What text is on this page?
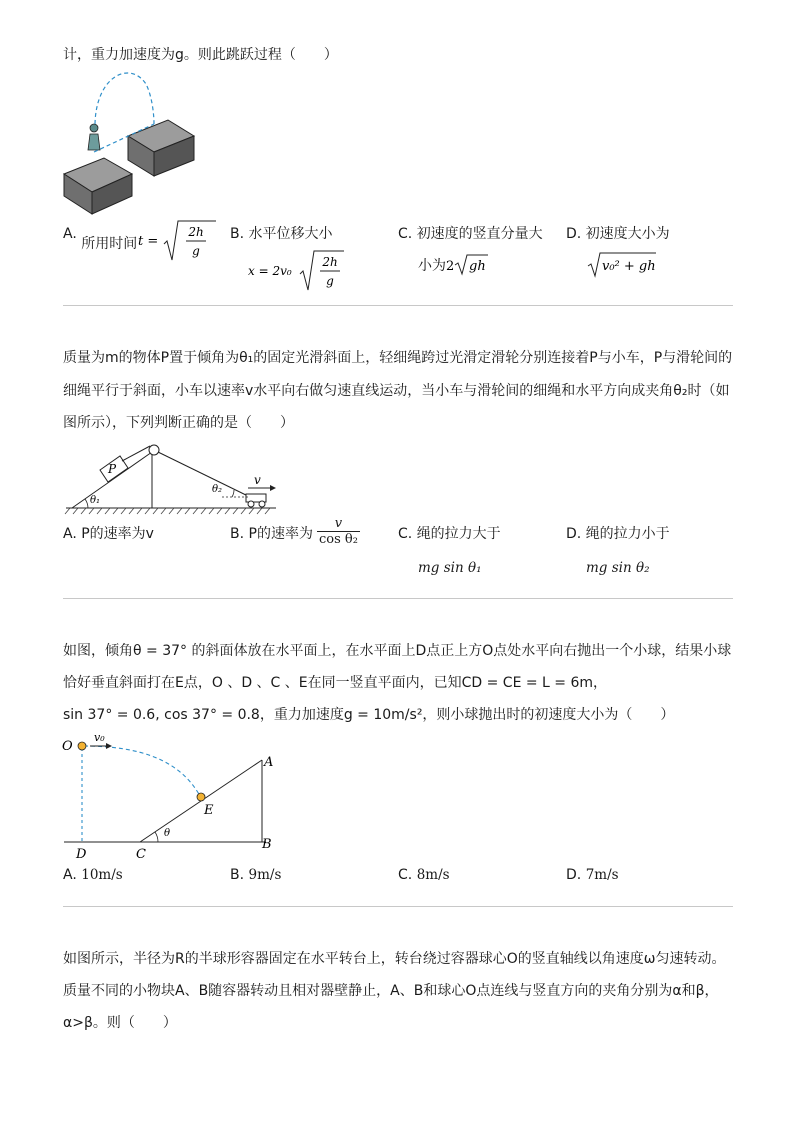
计，重力加速度为g。则此跳跃过程（　　）
A. 所用时间 t =
2h
g
B. 水平位移大小
x = 2v₀
2h
g
C. 初速度的竖直分量大
小为 2 gh
D. 初速度大小为
v₀² + gh
质量为m的物体P置于倾角为θ₁的固定光滑斜面上，轻细绳跨过光滑定滑轮分别连接着P与小车，P与滑轮间的
细绳平行于斜面，小车以速率v水平向右做匀速直线运动，当小车与滑轮间的细绳和水平方向成夹角θ₂时（如
图所示），下列判断正确的是（　　）
P
v
θ₁
θ₂
A. P的速率为v	B. P的速率为 $\frac{v}{\text{cos θ₂}}$	C. 绳的拉力大于
mg sin θ₁
D. 绳的拉力小于
mg sin θ₂
如图，倾角θ = 37° 的斜面体放在水平面上，在水平面上D点正上方O点处水平向右抛出一个小球，结果小球
恰好垂直斜面打在E点，O 、D 、C 、E在同一竖直平面内，已知CD = CE = L = 6m，
sin 37° = 0.6, cos 37° = 0.8，重力加速度g = 10m/s²，则小球抛出时的初速度大小为（　　）
O
v₀
A
E
B
D	C
θ
A. 10m/s	B. 9m/s	C. 8m/s	D. 7m/s
如图所示，半径为R的半球形容器固定在水平转台上，转台绕过容器球心O的竖直轴线以角速度ω匀速转动。
质量不同的小物块A、B随容器转动且相对器壁静止，A、B和球心O点连线与竖直方向的夹角分别为α和β，
α>β。则（　　）
